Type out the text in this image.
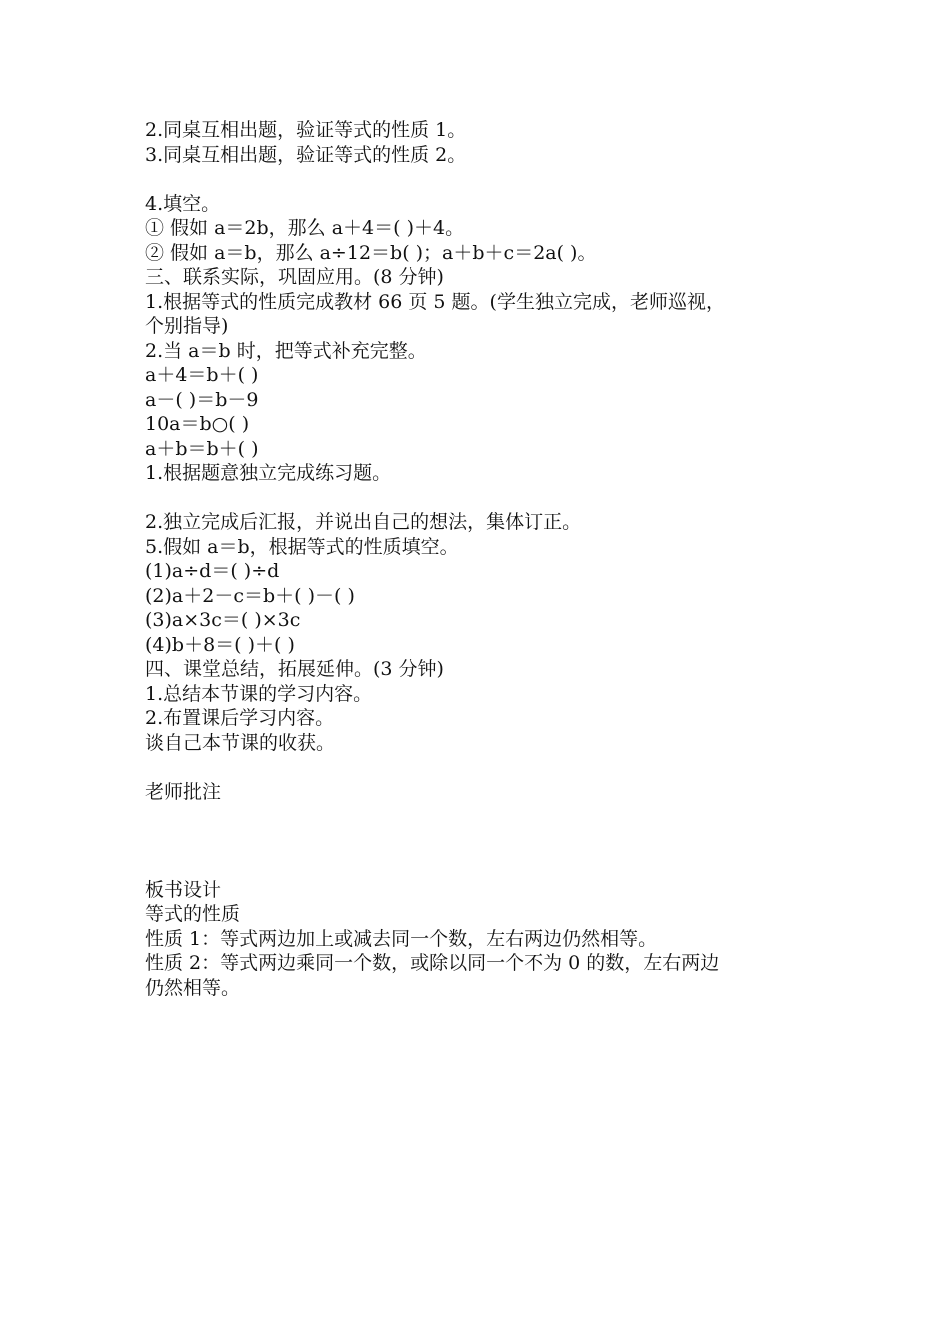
2.同桌互相出题，验证等式的性质 1。
3.同桌互相出题，验证等式的性质 2。
4.填空。
① 假如 a＝2b，那么 a＋4＝( )＋4。
② 假如 a＝b，那么 a÷12＝b( )；a＋b＋c＝2a( )。
三、联系实际，巩固应用。(8 分钟)
1.根据等式的性质完成教材 66 页 5 题。(学生独立完成，老师巡视，
个别指导)
2.当 a＝b 时，把等式补充完整。
a＋4＝b＋( )
a－( )＝b－9
10a＝b○( )
a＋b＝b＋( )
1.根据题意独立完成练习题。
2.独立完成后汇报，并说出自己的想法，集体订正。
5.假如 a＝b，根据等式的性质填空。
(1)a÷d＝( )÷d
(2)a＋2－c＝b＋( )－( )
(3)a×3c＝( )×3c
(4)b＋8＝( )＋( )
四、课堂总结，拓展延伸。(3 分钟)
1.总结本节课的学习内容。
2.布置课后学习内容。
谈自己本节课的收获。
老师批注
板书设计
等式的性质
性质 1：等式两边加上或减去同一个数，左右两边仍然相等。
性质 2：等式两边乘同一个数，或除以同一个不为 0 的数，左右两边
仍然相等。
